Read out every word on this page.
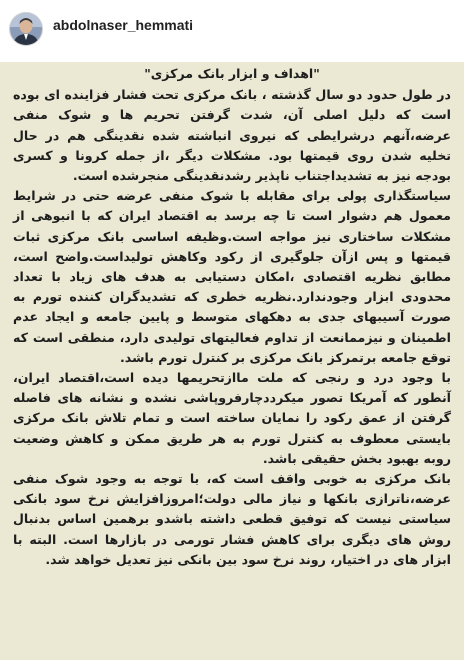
abdolnaser_hemmati
"اهداف و ابزار بانک مرکزی"

در طول حدود دو سال گذشته ، بانک مرکزی تحت فشار فزاینده ای بوده است که دلیل اصلی آن، شدت گرفتن تحریم ها و شوک منفی عرضه،آنهم درشرایطی که نیروی انباشته شده نقدینگی هم در حال تخلیه شدن روی قیمتها بود. مشکلات دیگر ،از جمله کرونا و کسری بودجه نیز به تشدیداجتناب ناپذیر رشدنقدینگی منجرشده است.

سیاستگذاری پولی برای مقابله با شوک منفی عرضه حتی در شرایط معمول هم دشوار است تا چه برسد به اقتصاد ایران که با انبوهی از مشکلات ساختاری نیز مواجه است.وظیفه اساسی بانک مرکزی ثبات قیمتها و پس ازآن جلوگیری از رکود وکاهش تولیداست.واضح است، مطابق نظریه اقتصادی ،امکان دستیابی به هدف های زیاد با تعداد محدودی ابزار وجودندارد.نظریه خطری که تشدیدگران کننده تورم به صورت آسیبهای جدی به دهکهای متوسط و پایین جامعه و ایجاد عدم اطمینان و نیزممانعت از تداوم فعالیتهای تولیدی دارد، منطقی است که توقع جامعه برتمرکز بانک مرکزی بر کنترل تورم باشد.

با وجود درد و رنجی که ملت ماازتحریمها دیده است،اقتصاد ایران، آنطور که آمریکا تصور میکرددچارفروپاشی نشده و نشانه های فاصله گرفتن از عمق رکود را نمایان ساخته است و تمام تلاش بانک مرکزی بایستی معطوف به کنترل تورم به هر طریق ممکن و کاهش وضعیت روبه بهبود بخش حقیقی باشد.

بانک مرکزی به خوبی واقف است که، با توجه به وجود شوک منفی عرضه،ناترازی بانکها و نیاز مالی دولت؛امروزافزایش نرخ سود بانکی سیاستی نیست که توفیق قطعی داشته باشدو برهمین اساس بدنبال روش های دیگری برای کاهش فشار تورمی در بازارها است. البته با ابزار های در اختیار، روند نرخ سود بین بانکی نیز تعدیل خواهد شد.
